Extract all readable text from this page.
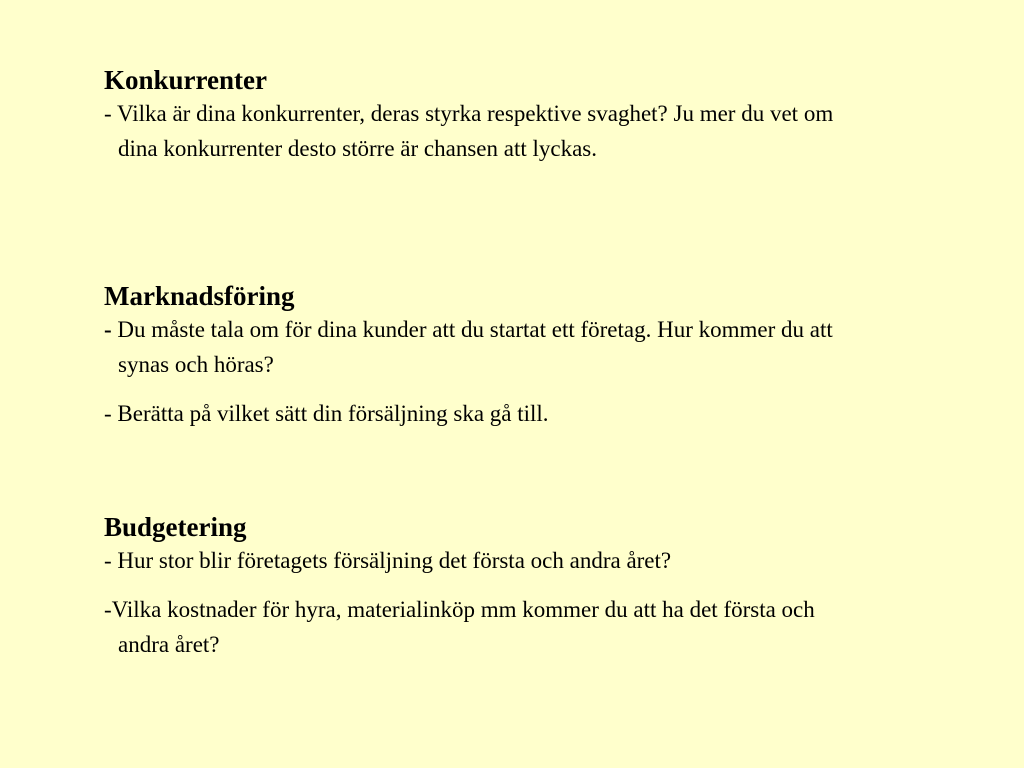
Konkurrenter

- Vilka är dina konkurrenter, deras styrka respektive svaghet? Ju mer du vet om dina konkurrenter desto större är chansen att lyckas.

Marknadsföring

- Du måste tala om för dina kunder att du startat ett företag. Hur kommer du att synas och höras?

- Berätta på vilket sätt din försäljning ska gå till.

Budgetering

- Hur stor blir företagets försäljning det första och andra året?

-Vilka kostnader för hyra, materialinköp mm kommer du att ha det första och andra året?
